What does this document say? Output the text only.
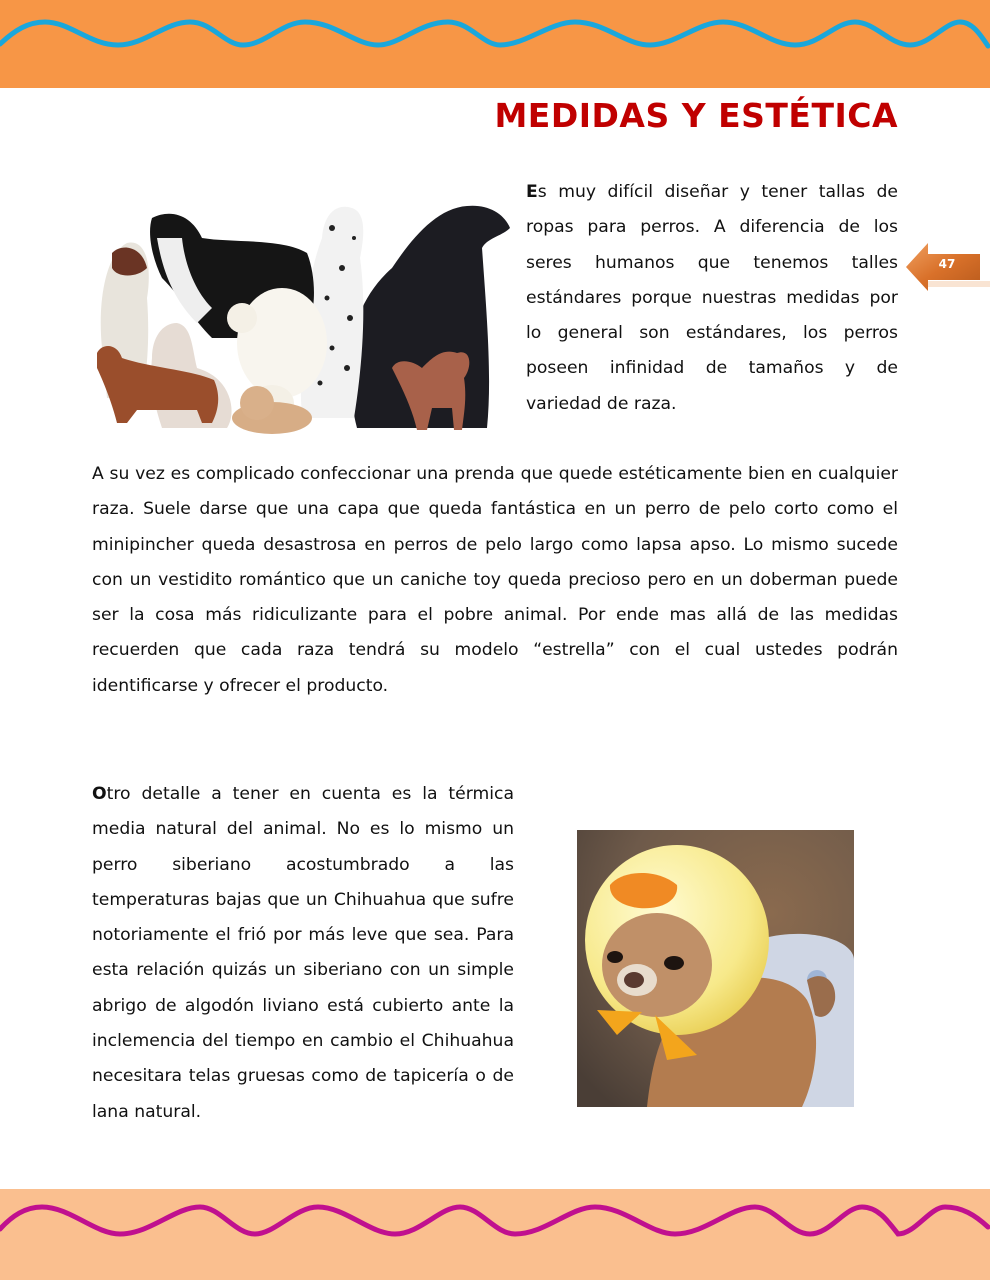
MEDIDAS Y ESTÉTICA
47
Es muy difícil diseñar y tener tallas de ropas para perros. A diferencia de los seres humanos que tenemos talles estándares porque nuestras medidas por lo general son estándares, los perros poseen infinidad de tamaños y de variedad de raza.
A su vez es complicado confeccionar una prenda que quede estéticamente bien en cualquier raza. Suele darse que una capa que queda fantástica en un perro de pelo corto como el minipincher queda desastrosa en perros de pelo largo como lapsa apso. Lo mismo sucede con un vestidito romántico que un caniche toy queda precioso pero en un doberman puede ser la cosa más ridiculizante para el pobre animal. Por ende mas allá de las medidas recuerden que cada raza tendrá su modelo “estrella” con el cual ustedes podrán identificarse y ofrecer el producto.
Otro detalle a tener en cuenta es la térmica media natural del animal. No es lo mismo un perro siberiano acostumbrado a las temperaturas bajas que un Chihuahua que sufre notoriamente el frió por más leve que sea. Para esta relación quizás un siberiano con un simple abrigo de algodón liviano está cubierto ante la inclemencia del tiempo en cambio el Chihuahua necesitara telas gruesas como de tapicería o de lana natural.
